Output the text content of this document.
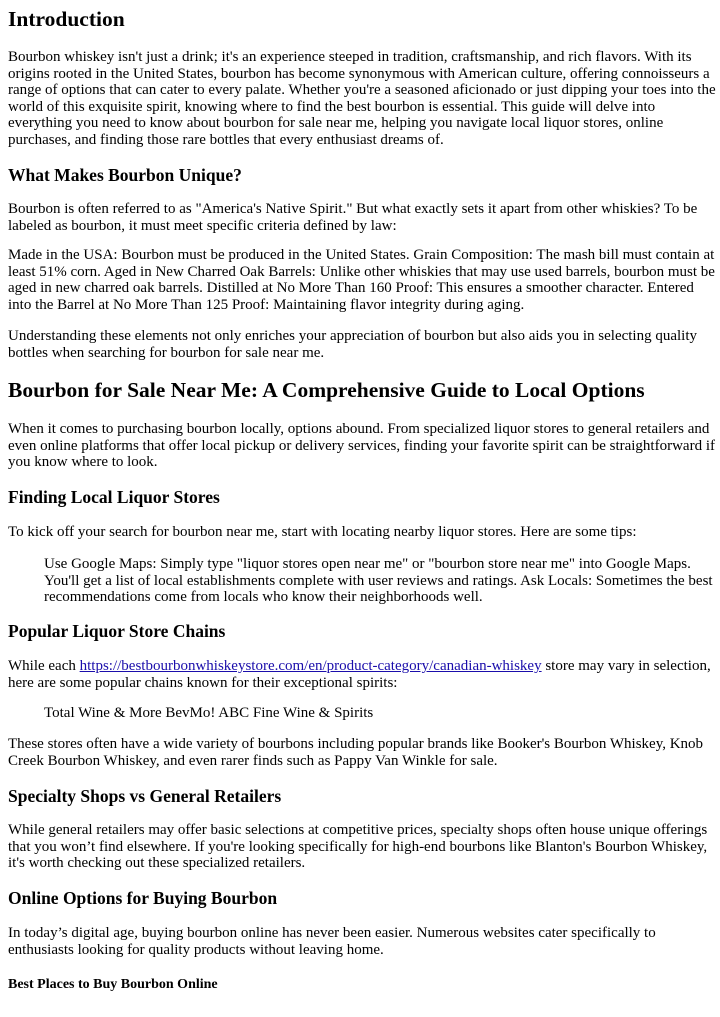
Introduction

Bourbon whiskey isn't just a drink; it's an experience steeped in tradition, craftsmanship, and rich flavors. With its origins rooted in the United States, bourbon has become synonymous with American culture, offering connoisseurs a range of options that can cater to every palate. Whether you're a seasoned aficionado or just dipping your toes into the world of this exquisite spirit, knowing where to find the best bourbon is essential. This guide will delve into everything you need to know about bourbon for sale near me, helping you navigate local liquor stores, online purchases, and finding those rare bottles that every enthusiast dreams of.

What Makes Bourbon Unique?

Bourbon is often referred to as "America's Native Spirit." But what exactly sets it apart from other whiskies? To be labeled as bourbon, it must meet specific criteria defined by law:

Made in the USA: Bourbon must be produced in the United States. Grain Composition: The mash bill must contain at least 51% corn. Aged in New Charred Oak Barrels: Unlike other whiskies that may use used barrels, bourbon must be aged in new charred oak barrels. Distilled at No More Than 160 Proof: This ensures a smoother character. Entered into the Barrel at No More Than 125 Proof: Maintaining flavor integrity during aging.

Understanding these elements not only enriches your appreciation of bourbon but also aids you in selecting quality bottles when searching for bourbon for sale near me.

Bourbon for Sale Near Me: A Comprehensive Guide to Local Options

When it comes to purchasing bourbon locally, options abound. From specialized liquor stores to general retailers and even online platforms that offer local pickup or delivery services, finding your favorite spirit can be straightforward if you know where to look.

Finding Local Liquor Stores

To kick off your search for bourbon near me, start with locating nearby liquor stores. Here are some tips:

Use Google Maps: Simply type "liquor stores open near me" or "bourbon store near me" into Google Maps. You'll get a list of local establishments complete with user reviews and ratings. Ask Locals: Sometimes the best recommendations come from locals who know their neighborhoods well.

Popular Liquor Store Chains

While each https://bestbourbonwhiskeystore.com/en/product-category/canadian-whiskey store may vary in selection, here are some popular chains known for their exceptional spirits:

Total Wine & More BevMo! ABC Fine Wine & Spirits

These stores often have a wide variety of bourbons including popular brands like Booker's Bourbon Whiskey, Knob Creek Bourbon Whiskey, and even rarer finds such as Pappy Van Winkle for sale.

Specialty Shops vs General Retailers

While general retailers may offer basic selections at competitive prices, specialty shops often house unique offerings that you won’t find elsewhere. If you're looking specifically for high-end bourbons like Blanton's Bourbon Whiskey, it's worth checking out these specialized retailers.

Online Options for Buying Bourbon

In today’s digital age, buying bourbon online has never been easier. Numerous websites cater specifically to enthusiasts looking for quality products without leaving home.

Best Places to Buy Bourbon Online
